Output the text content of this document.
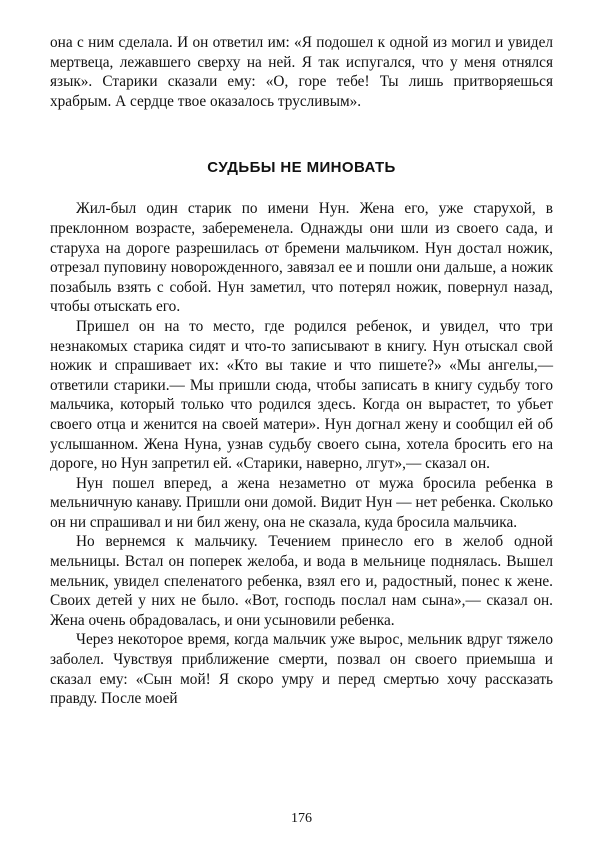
она с ним сделала. И он ответил им: «Я подошел к одной из могил и увидел мертвеца, лежавшего сверху на ней. Я так испугался, что у меня отнялся язык». Старики сказали ему: «О, горе тебе! Ты лишь притворяешься храбрым. А сердце твое оказалось трусливым».

СУДЬБЫ НЕ МИНОВАТЬ

Жил-был один старик по имени Нун. Жена его, уже старухой, в преклонном возрасте, забеременела. Однажды они шли из своего сада, и старуха на дороге разрешилась от бремени мальчиком. Нун достал ножик, отрезал пуповину новорожденного, завязал ее и пошли они дальше, а ножик позабыль взять с собой. Нун заметил, что потерял ножик, повернул назад, чтобы отыскать его.

Пришел он на то место, где родился ребенок, и увидел, что три незнакомых старика сидят и что-то записывают в книгу. Нун отыскал свой ножик и спрашивает их: «Кто вы такие и что пишете?» «Мы ангелы,— ответили старики.— Мы пришли сюда, чтобы записать в книгу судьбу того мальчика, который только что родился здесь. Когда он вырастет, то убьет своего отца и женится на своей матери». Нун догнал жену и сообщил ей об услышанном. Жена Нуна, узнав судьбу своего сына, хотела бросить его на дороге, но Нун запретил ей. «Старики, наверно, лгут»,— сказал он.

Нун пошел вперед, а жена незаметно от мужа бросила ребенка в мельничную канаву. Пришли они домой. Видит Нун — нет ребенка. Сколько он ни спрашивал и ни бил жену, она не сказала, куда бросила мальчика.

Но вернемся к мальчику. Течением принесло его в желоб одной мельницы. Встал он поперек желоба, и вода в мельнице поднялась. Вышел мельник, увидел спеленатого ребенка, взял его и, радостный, понес к жене. Своих детей у них не было. «Вот, господь послал нам сына»,— сказал он. Жена очень обрадовалась, и они усыновили ребенка.

Через некоторое время, когда мальчик уже вырос, мельник вдруг тяжело заболел. Чувствуя приближение смерти, позвал он своего приемыша и сказал ему: «Сын мой! Я скоро умру и перед смертью хочу рассказать правду. После моей

176
